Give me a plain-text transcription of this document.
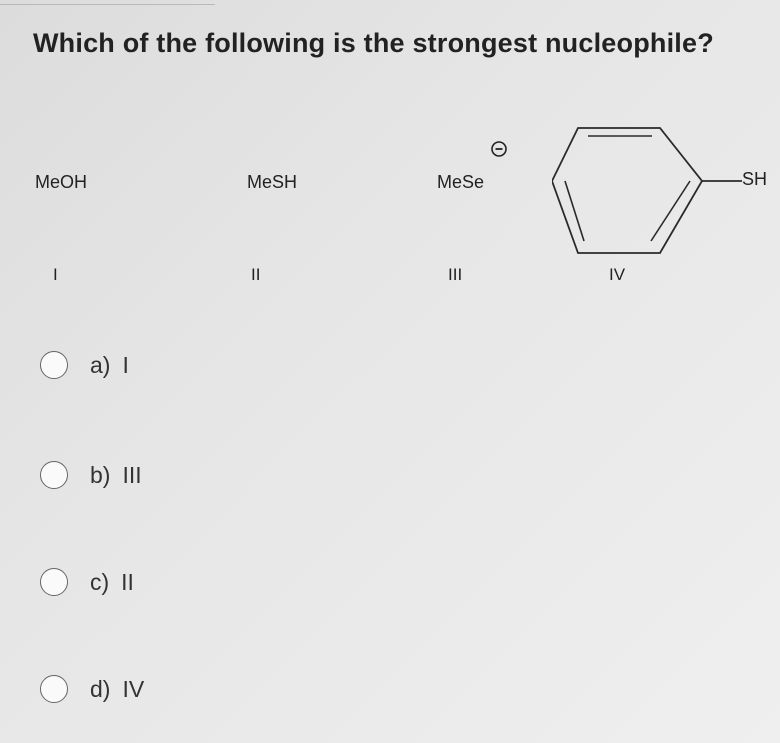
Which of the following is the strongest nucleophile?
MeOH	MeSH	MeSe	SH
I	II	III	IV
a) I
b) III
c) II
d) IV
